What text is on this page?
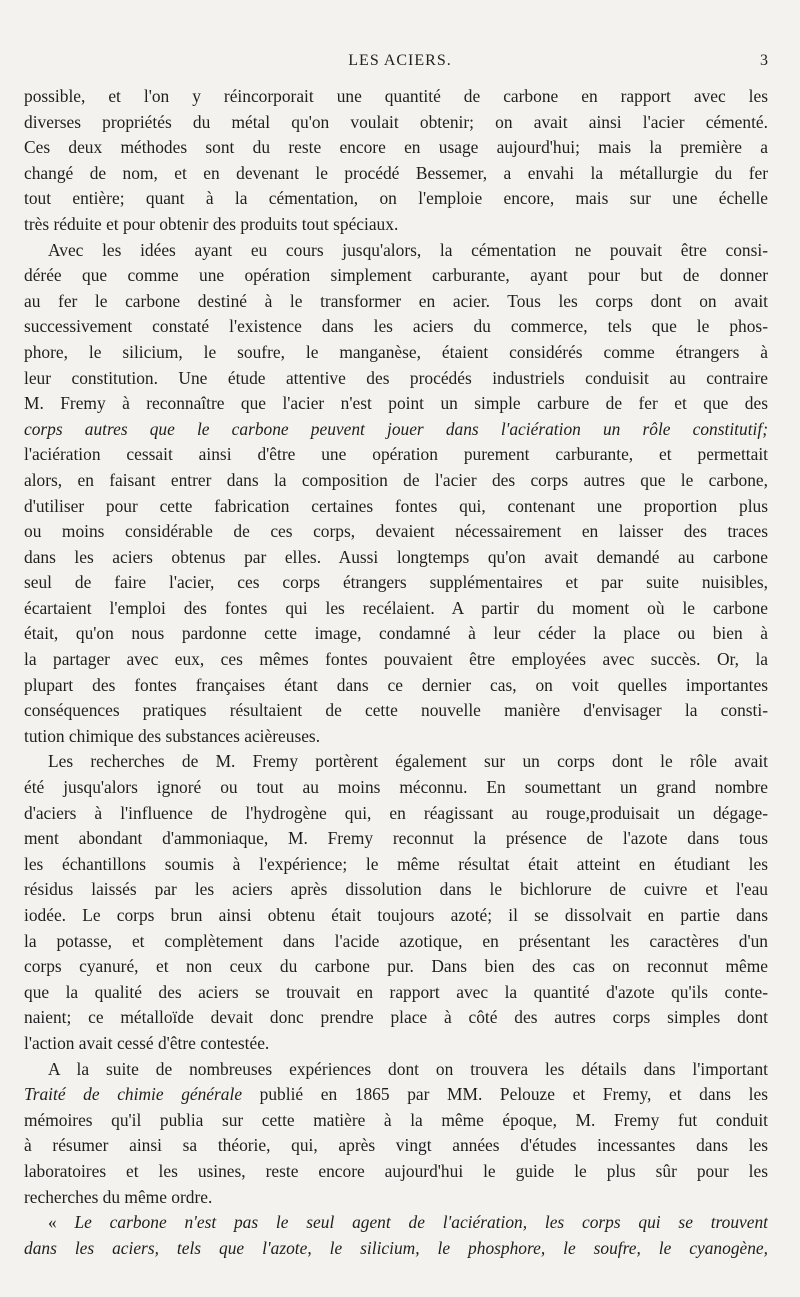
LES ACIERS.	3
possible, et l'on y réincorporait une quantité de carbone en rapport avec les
diverses propriétés du métal qu'on voulait obtenir; on avait ainsi l'acier cémenté.
Ces deux méthodes sont du reste encore en usage aujourd'hui; mais la première a
changé de nom, et en devenant le procédé Bessemer, a envahi la métallurgie du fer
tout entière; quant à la cémentation, on l'emploie encore, mais sur une échelle
très réduite et pour obtenir des produits tout spéciaux.
Avec les idées ayant eu cours jusqu'alors, la cémentation ne pouvait être consi-
dérée que comme une opération simplement carburante, ayant pour but de donner
au fer le carbone destiné à le transformer en acier. Tous les corps dont on avait
successivement constaté l'existence dans les aciers du commerce, tels que le phos-
phore, le silicium, le soufre, le manganèse, étaient considérés comme étrangers à
leur constitution. Une étude attentive des procédés industriels conduisit au contraire
M. Fremy à reconnaître que l'acier n'est point un simple carbure de fer et que des
corps autres que le carbone peuvent jouer dans l'aciération un rôle constitutif;
l'aciération cessait ainsi d'être une opération purement carburante, et permettait
alors, en faisant entrer dans la composition de l'acier des corps autres que le carbone,
d'utiliser pour cette fabrication certaines fontes qui, contenant une proportion plus
ou moins considérable de ces corps, devaient nécessairement en laisser des traces
dans les aciers obtenus par elles. Aussi longtemps qu'on avait demandé au carbone
seul de faire l'acier, ces corps étrangers supplémentaires et par suite nuisibles,
écartaient l'emploi des fontes qui les recélaient. A partir du moment où le carbone
était, qu'on nous pardonne cette image, condamné à leur céder la place ou bien à
la partager avec eux, ces mêmes fontes pouvaient être employées avec succès. Or, la
plupart des fontes françaises étant dans ce dernier cas, on voit quelles importantes
conséquences pratiques résultaient de cette nouvelle manière d'envisager la consti-
tution chimique des substances acièreuses.
Les recherches de M. Fremy portèrent également sur un corps dont le rôle avait
été jusqu'alors ignoré ou tout au moins méconnu. En soumettant un grand nombre
d'aciers à l'influence de l'hydrogène qui, en réagissant au rouge,produisait un dégage-
ment abondant d'ammoniaque, M. Fremy reconnut la présence de l'azote dans tous
les échantillons soumis à l'expérience; le même résultat était atteint en étudiant les
résidus laissés par les aciers après dissolution dans le bichlorure de cuivre et l'eau
iodée. Le corps brun ainsi obtenu était toujours azoté; il se dissolvait en partie dans
la potasse, et complètement dans l'acide azotique, en présentant les caractères d'un
corps cyanuré, et non ceux du carbone pur. Dans bien des cas on reconnut même
que la qualité des aciers se trouvait en rapport avec la quantité d'azote qu'ils conte-
naient; ce métalloïde devait donc prendre place à côté des autres corps simples dont
l'action avait cessé d'être contestée.
A la suite de nombreuses expériences dont on trouvera les détails dans l'important
Traité de chimie générale publié en 1865 par MM. Pelouze et Fremy, et dans les
mémoires qu'il publia sur cette matière à la même époque, M. Fremy fut conduit
à résumer ainsi sa théorie, qui, après vingt années d'études incessantes dans les
laboratoires et les usines, reste encore aujourd'hui le guide le plus sûr pour les
recherches du même ordre.
« Le carbone n'est pas le seul agent de l'aciération, les corps qui se trouvent
dans les aciers, tels que l'azote, le silicium, le phosphore, le soufre, le cyanogène,
